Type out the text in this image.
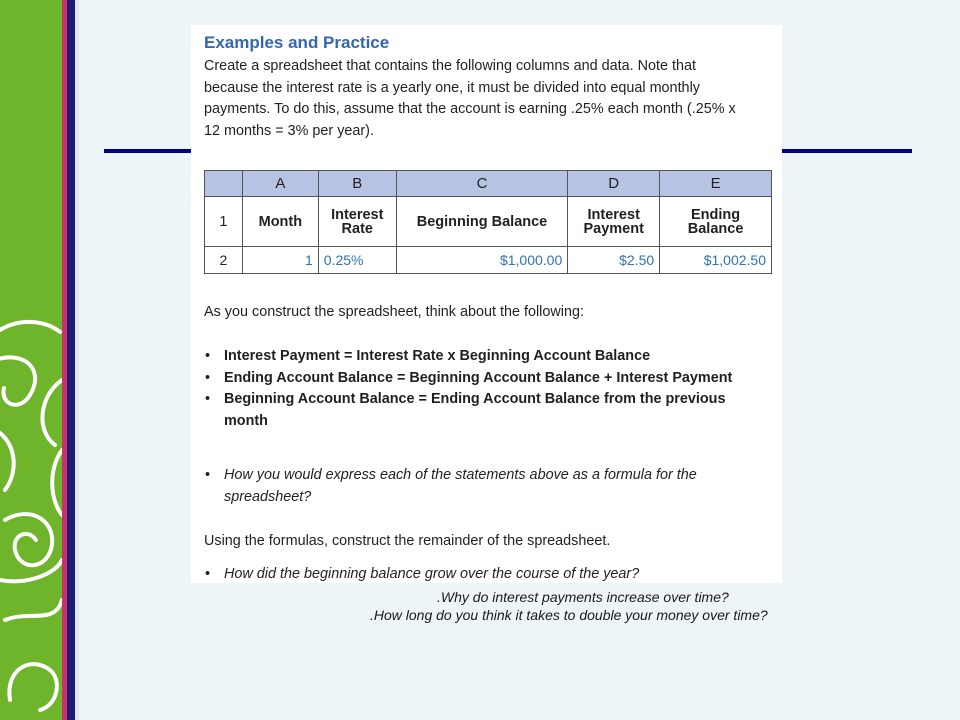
Examples and Practice

Create a spreadsheet that contains the following columns and data. Note that because the interest rate is a yearly one, it must be divided into equal monthly payments. To do this, assume that the account is earning .25% each month (.25% x 12 months = 3% per year).

	A	B	C	D	E
1	Month	Interest Rate	Beginning Balance	Interest Payment	Ending Balance
2	1	0.25%	$1,000.00	$2.50	$1,002.50

As you construct the spreadsheet, think about the following:

• Interest Payment = Interest Rate x Beginning Account Balance
• Ending Account Balance = Beginning Account Balance + Interest Payment
• Beginning Account Balance = Ending Account Balance from the previous month
• How you would express each of the statements above as a formula for the spreadsheet?

Using the formulas, construct the remainder of the spreadsheet.

• How did the beginning balance grow over the course of the year?
.Why do interest payments increase over time?
.How long do you think it takes to double your money over time?
